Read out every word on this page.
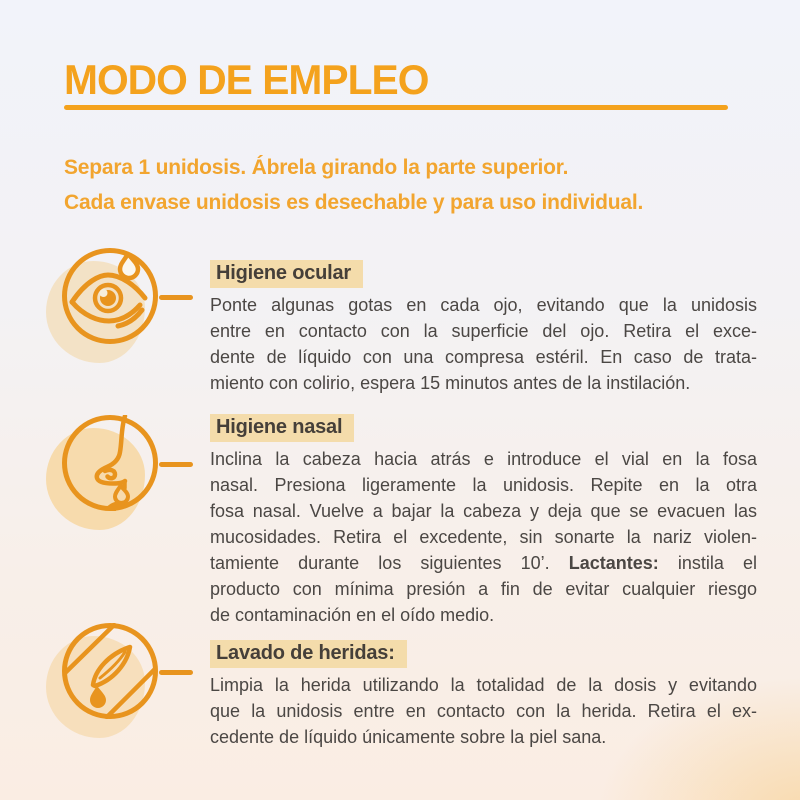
MODO DE EMPLEO

Separa 1 unidosis. Ábrela girando la parte superior.
Cada envase unidosis es desechable y para uso individual.

Higiene ocular
Ponte algunas gotas en cada ojo, evitando que la unidosis
entre en contacto con la superficie del ojo. Retira el exce-
dente de líquido con una compresa estéril. En caso de trata-
miento con colirio, espera 15 minutos antes de la instilación.
Higiene nasal
Inclina la cabeza hacia atrás e introduce el vial en la fosa
nasal. Presiona ligeramente la unidosis. Repite en la otra
fosa nasal. Vuelve a bajar la cabeza y deja que se evacuen las
mucosidades. Retira el excedente, sin sonarte la nariz violen-
tamiente durante los siguientes 10’. Lactantes: instila el
producto con mínima presión a fin de evitar cualquier riesgo
de contaminación en el oído medio.
Lavado de heridas:
Limpia la herida utilizando la totalidad de la dosis y evitando
que la unidosis entre en contacto con la herida. Retira el ex-
cedente de líquido únicamente sobre la piel sana.
